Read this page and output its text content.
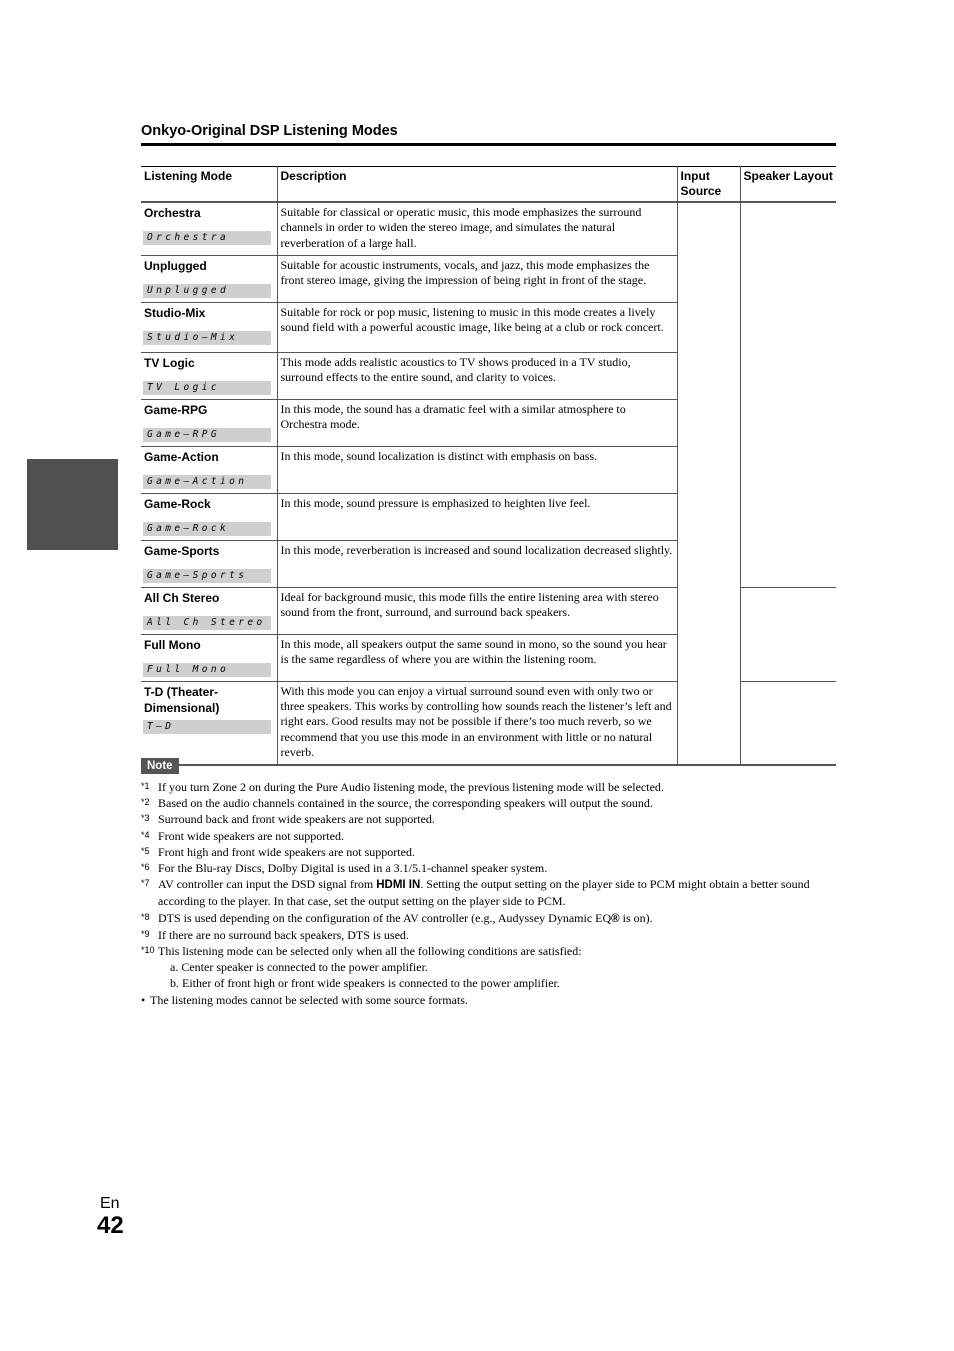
Onkyo-Original DSP Listening Modes
Listening Mode	Description	Input Source	Speaker Layout

Orchestra
Orchestra	Suitable for classical or operatic music, this mode emphasizes the surround channels in order to widen the stereo image, and simulates the natural reverberation of a large hall.		

Unplugged
Unplugged	Suitable for acoustic instruments, vocals, and jazz, this mode emphasizes the front stereo image, giving the impression of being right in front of the stage.		

Studio-Mix
Studio–Mix	Suitable for rock or pop music, listening to music in this mode creates a lively sound field with a powerful acoustic image, like being at a club or rock concert.		

TV Logic
TV Logic	This mode adds realistic acoustics to TV shows produced in a TV studio, surround effects to the entire sound, and clarity to voices.		

Game-RPG
Game–RPG	In this mode, the sound has a dramatic feel with a similar atmosphere to Orchestra mode.		

Game-Action
Game–Action	In this mode, sound localization is distinct with emphasis on bass.		

Game-Rock
Game–Rock	In this mode, sound pressure is emphasized to heighten live feel.		

Game-Sports
Game–Sports	In this mode, reverberation is increased and sound localization decreased slightly.		

All Ch Stereo
All Ch Stereo	Ideal for background music, this mode fills the entire listening area with stereo sound from the front, surround, and surround back speakers.		

Full Mono
Full Mono	In this mode, all speakers output the same sound in mono, so the sound you hear is the same regardless of where you are within the listening room.		

T-D (Theater-Dimensional)
T–D	With this mode you can enjoy a virtual surround sound even with only two or three speakers. This works by controlling how sounds reach the listener’s left and right ears. Good results may not be possible if there’s too much reverb, so we recommend that you use this mode in an environment with little or no natural reverb.		

Note
*1 If you turn Zone 2 on during the Pure Audio listening mode, the previous listening mode will be selected.
*2 Based on the audio channels contained in the source, the corresponding speakers will output the sound.
*3 Surround back and front wide speakers are not supported.
*4 Front wide speakers are not supported.
*5 Front high and front wide speakers are not supported.
*6 For the Blu-ray Discs, Dolby Digital is used in a 3.1/5.1-channel speaker system.
*7 AV controller can input the DSD signal from HDMI IN. Setting the output setting on the player side to PCM might obtain a better sound according to the player. In that case, set the output setting on the player side to PCM.
*8 DTS is used depending on the configuration of the AV controller (e.g., Audyssey Dynamic EQ® is on).
*9 If there are no surround back speakers, DTS is used.
*10 This listening mode can be selected only when all the following conditions are satisfied:
a. Center speaker is connected to the power amplifier.
b. Either of front high or front wide speakers is connected to the power amplifier.
• The listening modes cannot be selected with some source formats.
En
42
